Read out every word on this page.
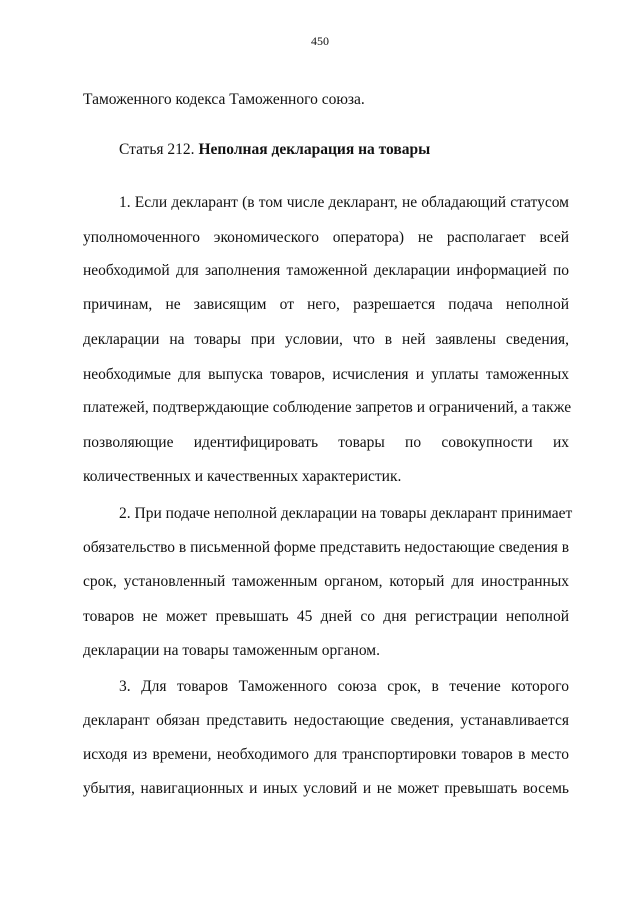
450
Таможенного кодекса Таможенного союза.
Статья 212. Неполная декларация на товары
1. Если декларант (в том числе декларант, не обладающий статусом
уполномоченного экономического оператора) не располагает всей
необходимой для заполнения таможенной декларации информацией по
причинам, не зависящим от него, разрешается подача неполной
декларации на товары при условии, что в ней заявлены сведения,
необходимые для выпуска товаров, исчисления и уплаты таможенных
платежей, подтверждающие соблюдение запретов и ограничений, а также
позволяющие идентифицировать товары по совокупности их
количественных и качественных характеристик.
2. При подаче неполной декларации на товары декларант принимает
обязательство в письменной форме представить недостающие сведения в
срок, установленный таможенным органом, который для иностранных
товаров не может превышать 45 дней со дня регистрации неполной
декларации на товары таможенным органом.
3. Для товаров Таможенного союза срок, в течение которого
декларант обязан представить недостающие сведения, устанавливается
исходя из времени, необходимого для транспортировки товаров в место
убытия, навигационных и иных условий и не может превышать восемь
